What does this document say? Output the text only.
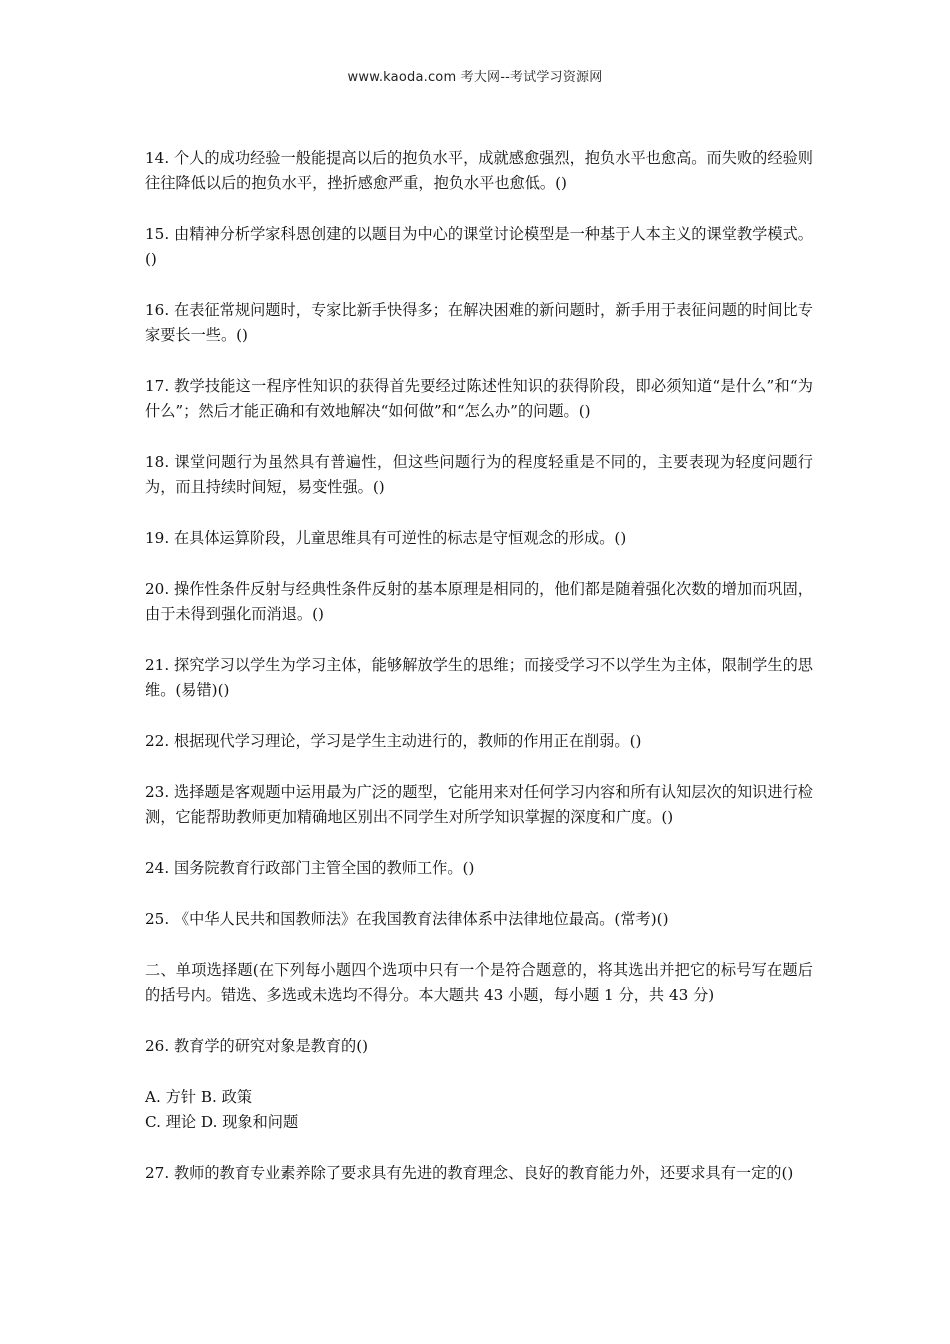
www.kaoda.com 考大网--考试学习资源网

14. 个人的成功经验一般能提高以后的抱负水平，成就感愈强烈，抱负水平也愈高。而失败的经验则往往降低以后的抱负水平，挫折感愈严重，抱负水平也愈低。()

15. 由精神分析学家科恩创建的以题目为中心的课堂讨论模型是一种基于人本主义的课堂教学模式。()

16. 在表征常规问题时，专家比新手快得多；在解决困难的新问题时，新手用于表征问题的时间比专家要长一些。()

17. 教学技能这一程序性知识的获得首先要经过陈述性知识的获得阶段，即必须知道“是什么”和“为什么”；然后才能正确和有效地解决“如何做”和“怎么办”的问题。()

18. 课堂问题行为虽然具有普遍性，但这些问题行为的程度轻重是不同的，主要表现为轻度问题行为，而且持续时间短，易变性强。()

19. 在具体运算阶段，儿童思维具有可逆性的标志是守恒观念的形成。()

20. 操作性条件反射与经典性条件反射的基本原理是相同的，他们都是随着强化次数的增加而巩固，由于未得到强化而消退。()

21. 探究学习以学生为学习主体，能够解放学生的思维；而接受学习不以学生为主体，限制学生的思维。(易错)()

22. 根据现代学习理论，学习是学生主动进行的，教师的作用正在削弱。()

23. 选择题是客观题中运用最为广泛的题型，它能用来对任何学习内容和所有认知层次的知识进行检测，它能帮助教师更加精确地区别出不同学生对所学知识掌握的深度和广度。()

24. 国务院教育行政部门主管全国的教师工作。()

25. 《中华人民共和国教师法》在我国教育法律体系中法律地位最高。(常考)()

二、单项选择题(在下列每小题四个选项中只有一个是符合题意的，将其选出并把它的标号写在题后的括号内。错选、多选或未选均不得分。本大题共 43 小题，每小题 1 分，共 43 分)

26. 教育学的研究对象是教育的()

A. 方针 B. 政策
C. 理论 D. 现象和问题

27. 教师的教育专业素养除了要求具有先进的教育理念、良好的教育能力外，还要求具有一定的()
